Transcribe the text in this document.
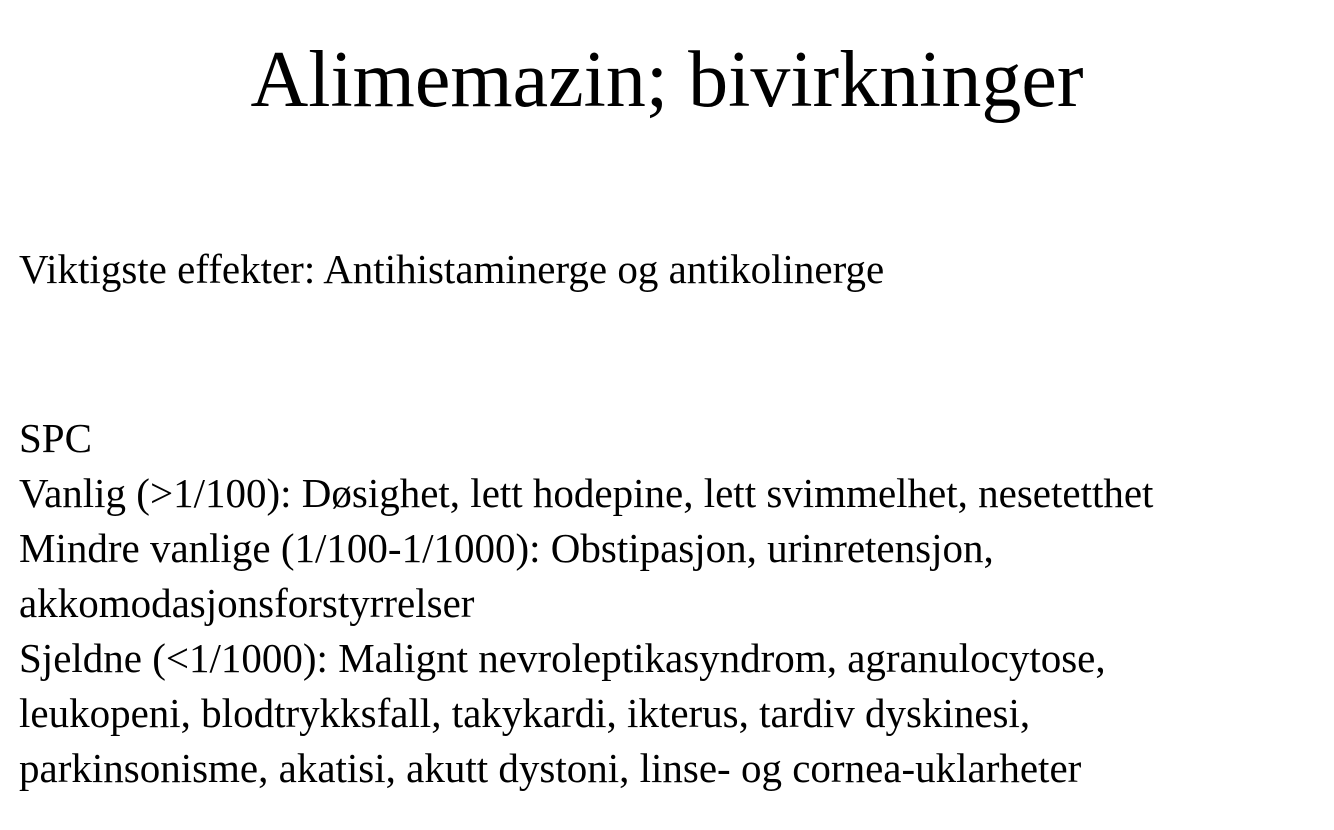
Alimemazin; bivirkninger

Viktigste effekter: Antihistaminerge og antikolinerge

SPC
Vanlig (>1/100): Døsighet, lett hodepine, lett svimmelhet, nesetetthet
Mindre vanlige (1/100-1/1000): Obstipasjon, urinretensjon,
akkomodasjonsforstyrrelser
Sjeldne (<1/1000): Malignt nevroleptikasyndrom, agranulocytose,
leukopeni, blodtrykksfall, takykardi, ikterus, tardiv dyskinesi,
parkinsonisme, akatisi, akutt dystoni, linse- og cornea-uklarheter
